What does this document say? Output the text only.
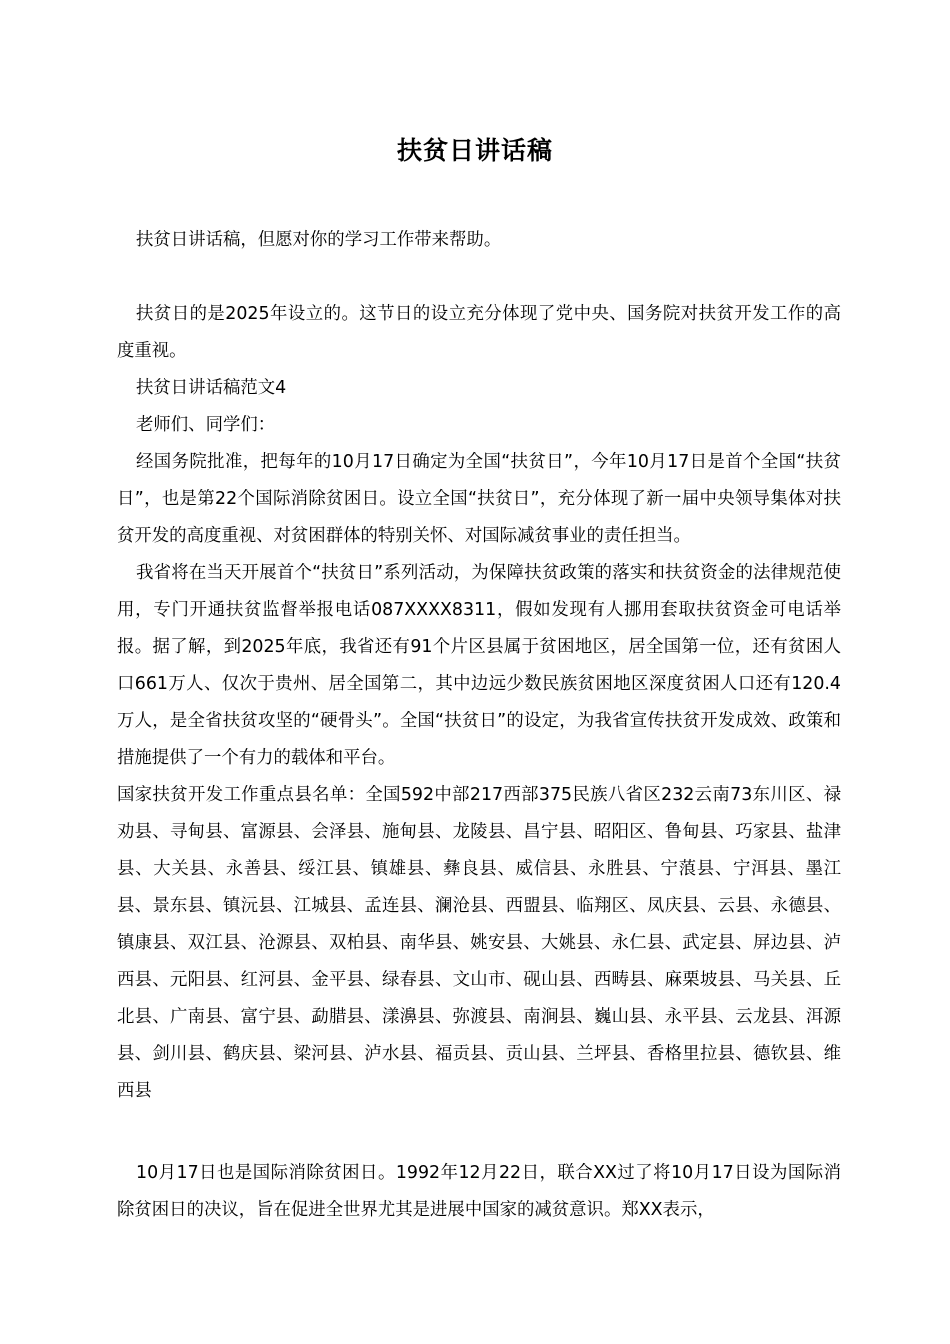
扶贫日讲话稿

扶贫日讲话稿，但愿对你的学习工作带来帮助。

扶贫日的是2025年设立的。这节日的设立充分体现了党中央、国务院对扶贫开发工作的高度重视。

扶贫日讲话稿范文4

老师们、同学们：

经国务院批准，把每年的10月17日确定为全国“扶贫日”，今年10月17日是首个全国“扶贫日”，也是第22个国际消除贫困日。设立全国“扶贫日”，充分体现了新一届中央领导集体对扶贫开发的高度重视、对贫困群体的特别关怀、对国际减贫事业的责任担当。

我省将在当天开展首个“扶贫日”系列活动，为保障扶贫政策的落实和扶贫资金的法律规范使用，专门开通扶贫监督举报电话087XXXX8311，假如发现有人挪用套取扶贫资金可电话举报。据了解，到2025年底，我省还有91个片区县属于贫困地区，居全国第一位，还有贫困人口661万人、仅次于贵州、居全国第二，其中边远少数民族贫困地区深度贫困人口还有120.4万人，是全省扶贫攻坚的“硬骨头”。全国“扶贫日”的设定，为我省宣传扶贫开发成效、政策和措施提供了一个有力的载体和平台。

国家扶贫开发工作重点县名单：全国592中部217西部375民族八省区232云南73东川区、禄劝县、寻甸县、富源县、会泽县、施甸县、龙陵县、昌宁县、昭阳区、鲁甸县、巧家县、盐津县、大关县、永善县、绥江县、镇雄县、彝良县、威信县、永胜县、宁蒗县、宁洱县、墨江县、景东县、镇沅县、江城县、孟连县、澜沧县、西盟县、临翔区、凤庆县、云县、永德县、镇康县、双江县、沧源县、双柏县、南华县、姚安县、大姚县、永仁县、武定县、屏边县、泸西县、元阳县、红河县、金平县、绿春县、文山市、砚山县、西畴县、麻栗坡县、马关县、丘北县、广南县、富宁县、勐腊县、漾濞县、弥渡县、南涧县、巍山县、永平县、云龙县、洱源县、剑川县、鹤庆县、梁河县、泸水县、福贡县、贡山县、兰坪县、香格里拉县、德钦县、维西县

10月17日也是国际消除贫困日。1992年12月22日，联合XX过了将10月17日设为国际消除贫困日的决议，旨在促进全世界尤其是进展中国家的减贫意识。郑XX表示，
